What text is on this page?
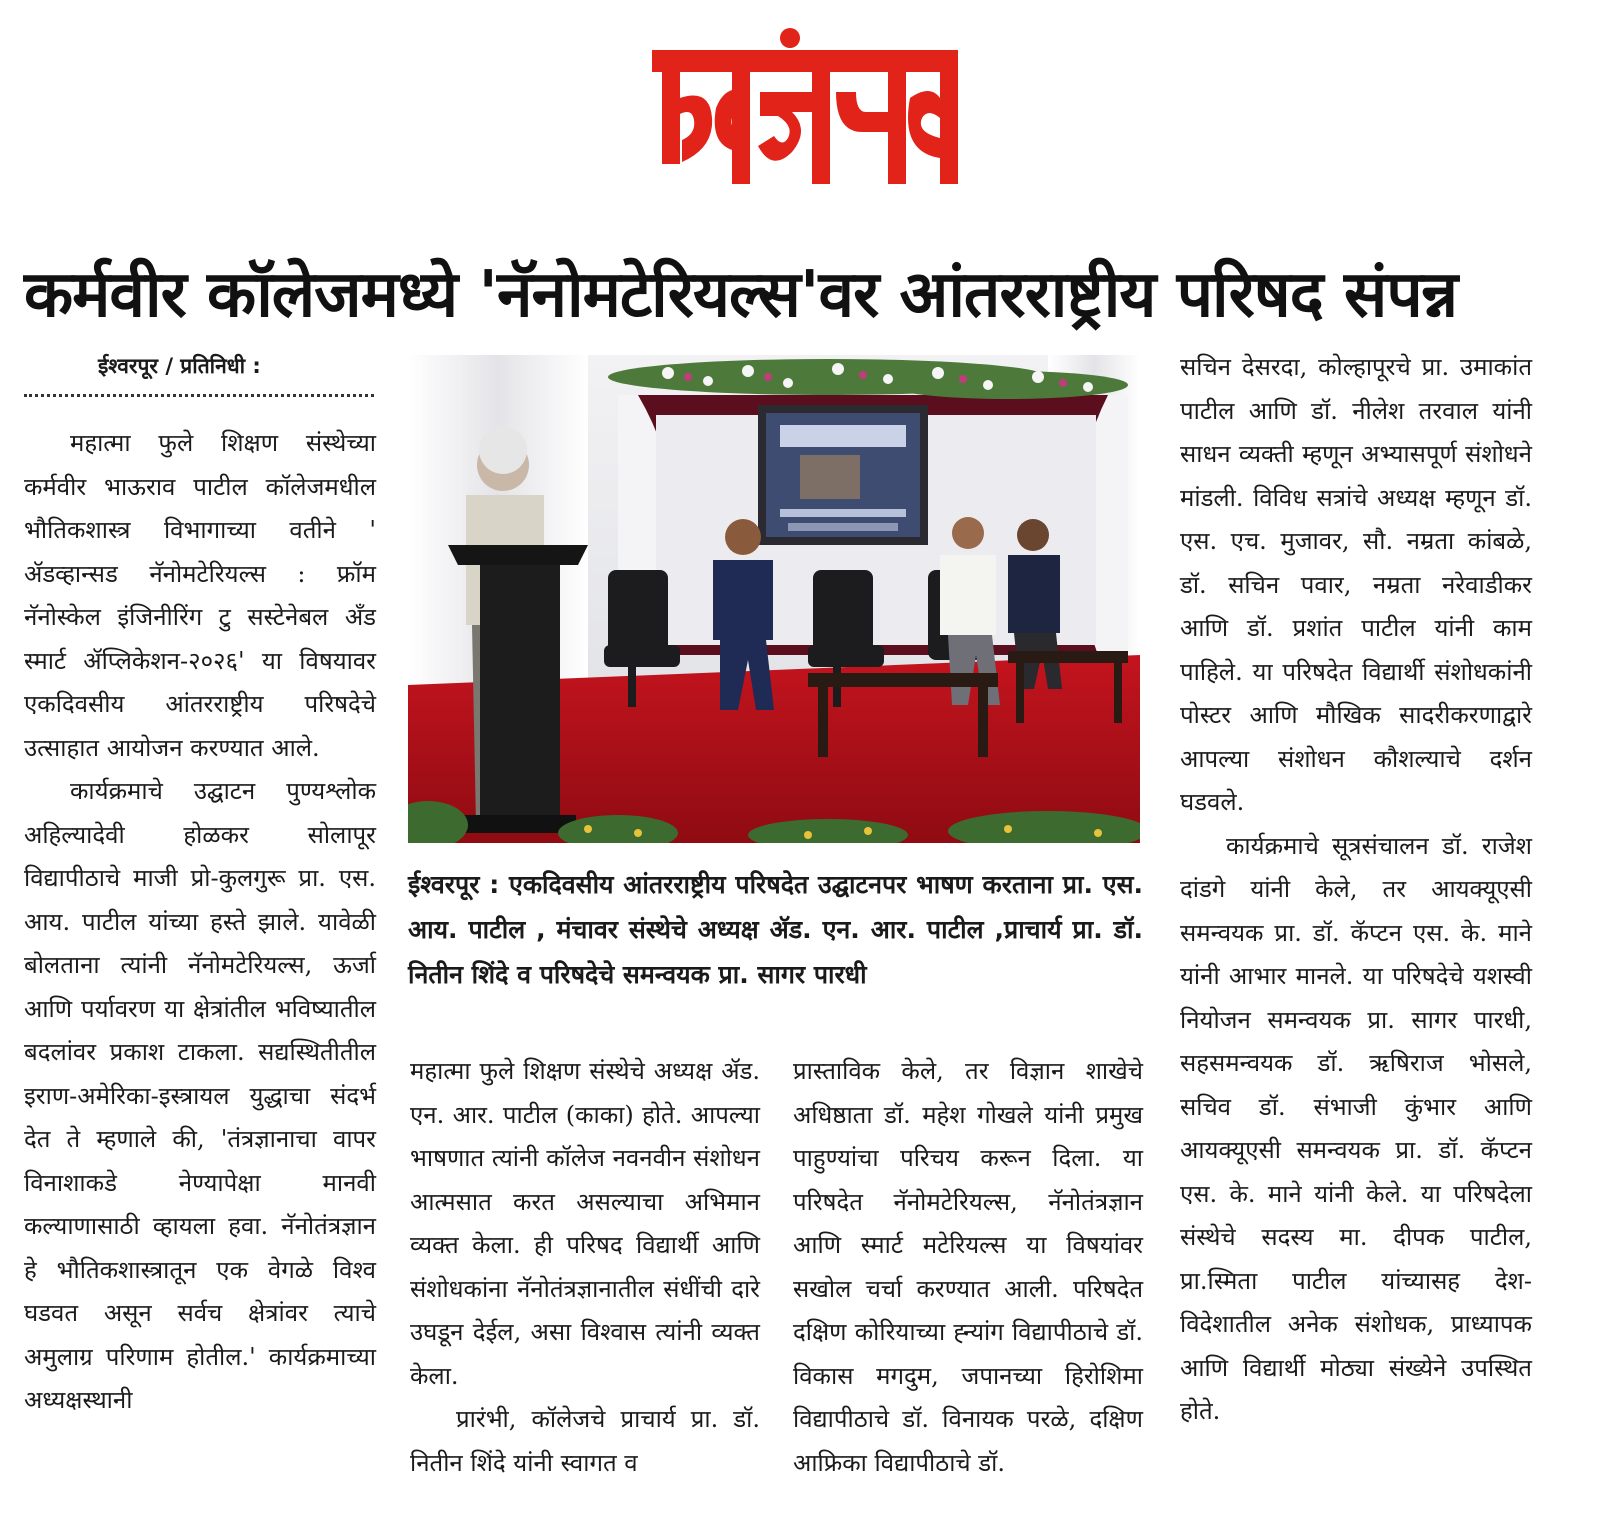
कर्मवीर कॉलेजमध्ये 'नॅनोमटेरियल्स'वर आंतरराष्ट्रीय परिषद संपन्न
ईश्वरपूर / प्रतिनिधी :

महात्मा फुले शिक्षण संस्थेच्या कर्मवीर भाऊराव पाटील कॉलेजमधील भौतिकशास्त्र विभागाच्या वतीने ' ॲडव्हान्सड नॅनोमटेरियल्स : फ्रॉम नॅनोस्केल इंजिनीरिंग टु सस्टेनेबल अँड स्मार्ट ॲप्लिकेशन-२०२६' या विषयावर एकदिवसीय आंतरराष्ट्रीय परिषदेचे उत्साहात आयोजन करण्यात आले.

कार्यक्रमाचे उद्घाटन पुण्यश्लोक अहिल्यादेवी होळकर सोलापूर विद्यापीठाचे माजी प्रो-कुलगुरू प्रा. एस. आय. पाटील यांच्या हस्ते झाले. यावेळी बोलताना त्यांनी नॅनोमटेरियल्स, ऊर्जा आणि पर्यावरण या क्षेत्रांतील भविष्यातील बदलांवर प्रकाश टाकला. सद्यस्थितीतील इराण-अमेरिका-इस्त्रायल युद्धाचा संदर्भ देत ते म्हणाले की, 'तंत्रज्ञानाचा वापर विनाशाकडे नेण्यापेक्षा मानवी कल्याणासाठी व्हायला हवा. नॅनोतंत्रज्ञान हे भौतिकशास्त्रातून एक वेगळे विश्व घडवत असून सर्वच क्षेत्रांवर त्याचे अमुलाग्र परिणाम होतील.' कार्यक्रमाच्या अध्यक्षस्थानी

ईश्वरपूर : एकदिवसीय आंतरराष्ट्रीय परिषदेत उद्घाटनपर भाषण करताना प्रा. एस. आय. पाटील , मंचावर संस्थेचे अध्यक्ष ॲड. एन. आर. पाटील ,प्राचार्य प्रा. डॉ. नितीन शिंदे व परिषदेचे समन्वयक प्रा. सागर पारधी

महात्मा फुले शिक्षण संस्थेचे अध्यक्ष ॲड. एन. आर. पाटील (काका) होते. आपल्या भाषणात त्यांनी कॉलेज नवनवीन संशोधन आत्मसात करत असल्याचा अभिमान व्यक्त केला. ही परिषद विद्यार्थी आणि संशोधकांना नॅनोतंत्रज्ञानातील संधींची दारे उघडून देईल, असा विश्वास त्यांनी व्यक्त केला.

प्रारंभी, कॉलेजचे प्राचार्य प्रा. डॉ. नितीन शिंदे यांनी स्वागत व

प्रास्ताविक केले, तर विज्ञान शाखेचे अधिष्ठाता डॉ. महेश गोखले यांनी प्रमुख पाहुण्यांचा परिचय करून दिला. या परिषदेत नॅनोमटेरियल्स, नॅनोतंत्रज्ञान आणि स्मार्ट मटेरियल्स या विषयांवर सखोल चर्चा करण्यात आली. परिषदेत दक्षिण कोरियाच्या ह्न्यांग विद्यापीठाचे डॉ. विकास मगदुम, जपानच्या हिरोशिमा विद्यापीठाचे डॉ. विनायक परळे, दक्षिण आफ्रिका विद्यापीठाचे डॉ.

सचिन देसरदा, कोल्हापूरचे प्रा. उमाकांत पाटील आणि डॉ. नीलेश तरवाल यांनी साधन व्यक्ती म्हणून अभ्यासपूर्ण संशोधने मांडली. विविध सत्रांचे अध्यक्ष म्हणून डॉ. एस. एच. मुजावर, सौ. नम्रता कांबळे, डॉ. सचिन पवार, नम्रता नरेवाडीकर आणि डॉ. प्रशांत पाटील यांनी काम पाहिले. या परिषदेत विद्यार्थी संशोधकांनी पोस्टर आणि मौखिक सादरीकरणाद्वारे आपल्या संशोधन कौशल्याचे दर्शन घडवले.

कार्यक्रमाचे सूत्रसंचालन डॉ. राजेश दांडगे यांनी केले, तर आयक्यूएसी समन्वयक प्रा. डॉ. कॅप्टन एस. के. माने यांनी आभार मानले. या परिषदेचे यशस्वी नियोजन समन्वयक प्रा. सागर पारधी, सहसमन्वयक डॉ. ऋषिराज भोसले, सचिव डॉ. संभाजी कुंभार आणि आयक्यूएसी समन्वयक प्रा. डॉ. कॅप्टन एस. के. माने यांनी केले. या परिषदेला संस्थेचे सदस्य मा. दीपक पाटील, प्रा.स्मिता पाटील यांच्यासह देश-विदेशातील अनेक संशोधक, प्राध्यापक आणि विद्यार्थी मोठ्या संख्येने उपस्थित होते.
